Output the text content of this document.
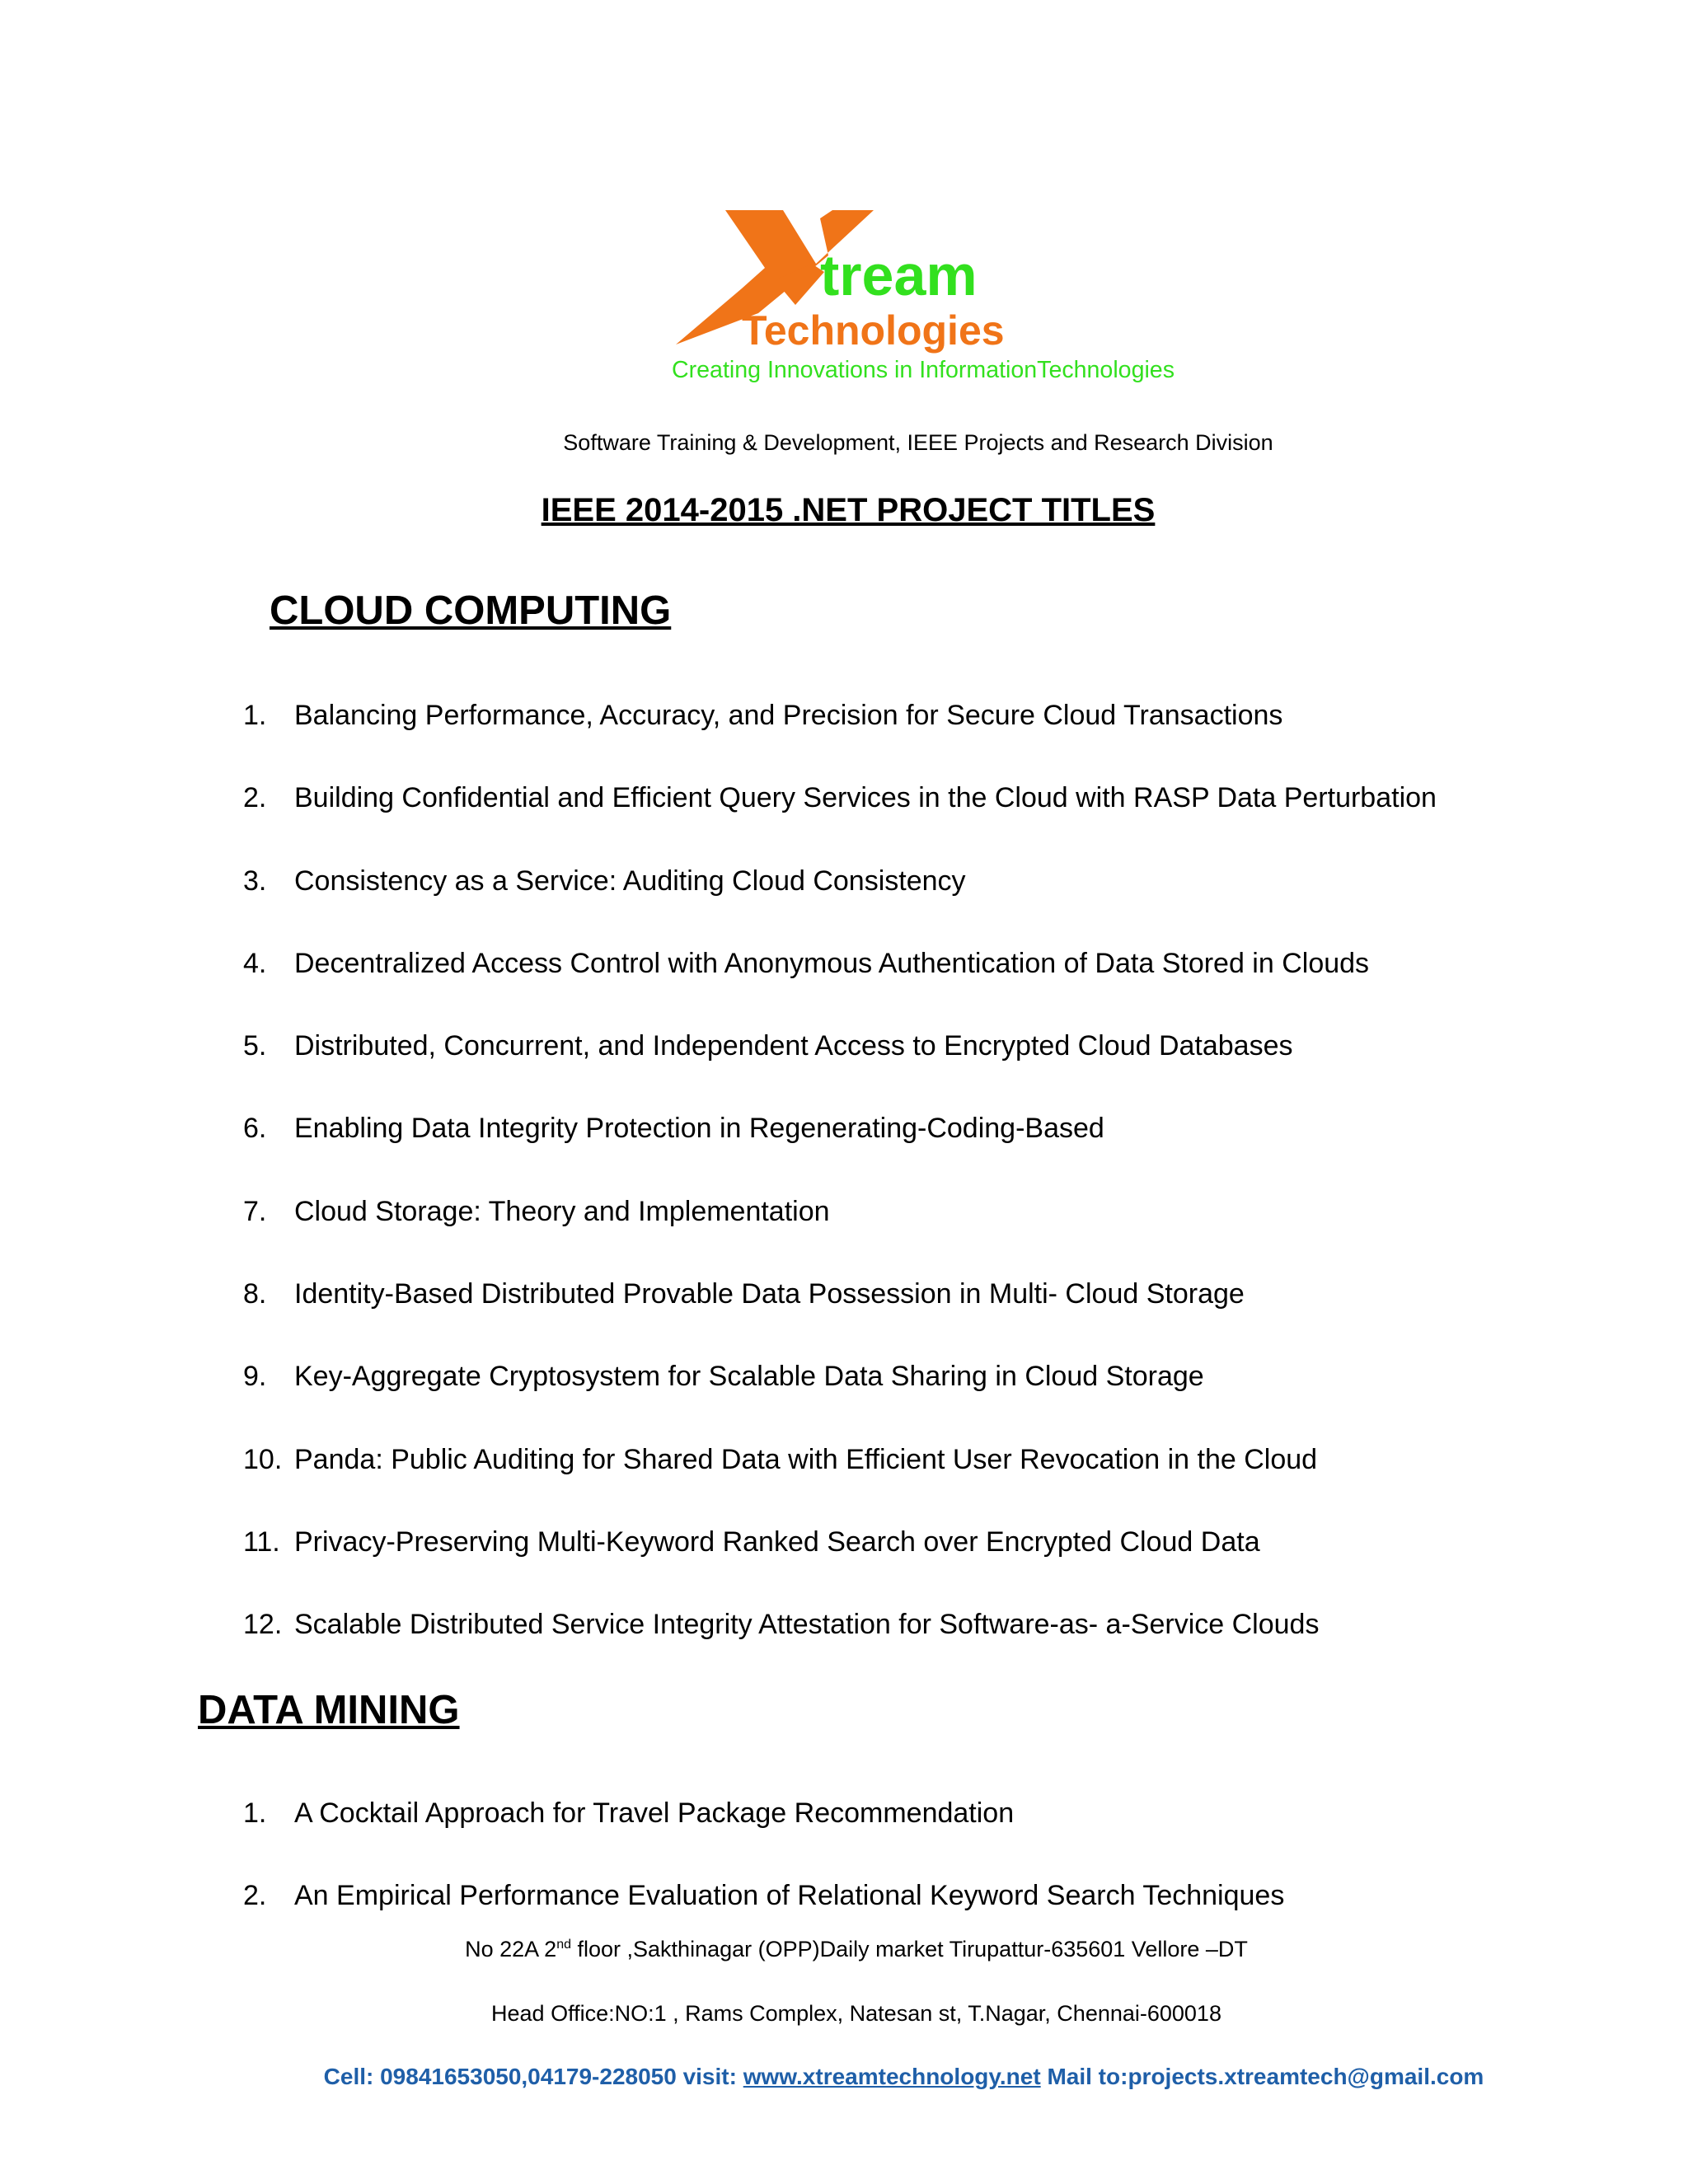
tream
Technologies
Creating Innovations in InformationTechnologies
Software Training & Development, IEEE Projects and Research Division
IEEE 2014-2015 .NET PROJECT TITLES
CLOUD COMPUTING
1. Balancing Performance, Accuracy, and Precision for Secure Cloud Transactions
2. Building Confidential and Efficient Query Services in the Cloud with RASP Data Perturbation
3. Consistency as a Service: Auditing Cloud Consistency
4. Decentralized Access Control with Anonymous Authentication of Data Stored in Clouds
5. Distributed, Concurrent, and Independent Access to Encrypted Cloud Databases
6. Enabling Data Integrity Protection in Regenerating-Coding-Based
7. Cloud Storage: Theory and Implementation
8. Identity-Based Distributed Provable Data Possession in Multi- Cloud Storage
9. Key-Aggregate Cryptosystem for Scalable Data Sharing in Cloud Storage
10. Panda: Public Auditing for Shared Data with Efficient User Revocation in the Cloud
11. Privacy-Preserving Multi-Keyword Ranked Search over Encrypted Cloud Data
12. Scalable Distributed Service Integrity Attestation for Software-as- a-Service Clouds
DATA MINING
1. A Cocktail Approach for Travel Package Recommendation
2. An Empirical Performance Evaluation of Relational Keyword Search Techniques
No 22A 2nd floor ,Sakthinagar (OPP)Daily market Tirupattur-635601 Vellore –DT
Head Office:NO:1 , Rams Complex, Natesan st, T.Nagar, Chennai-600018
Cell: 09841653050,04179-228050 visit: www.xtreamtechnology.net Mail to:projects.xtreamtech@gmail.com
